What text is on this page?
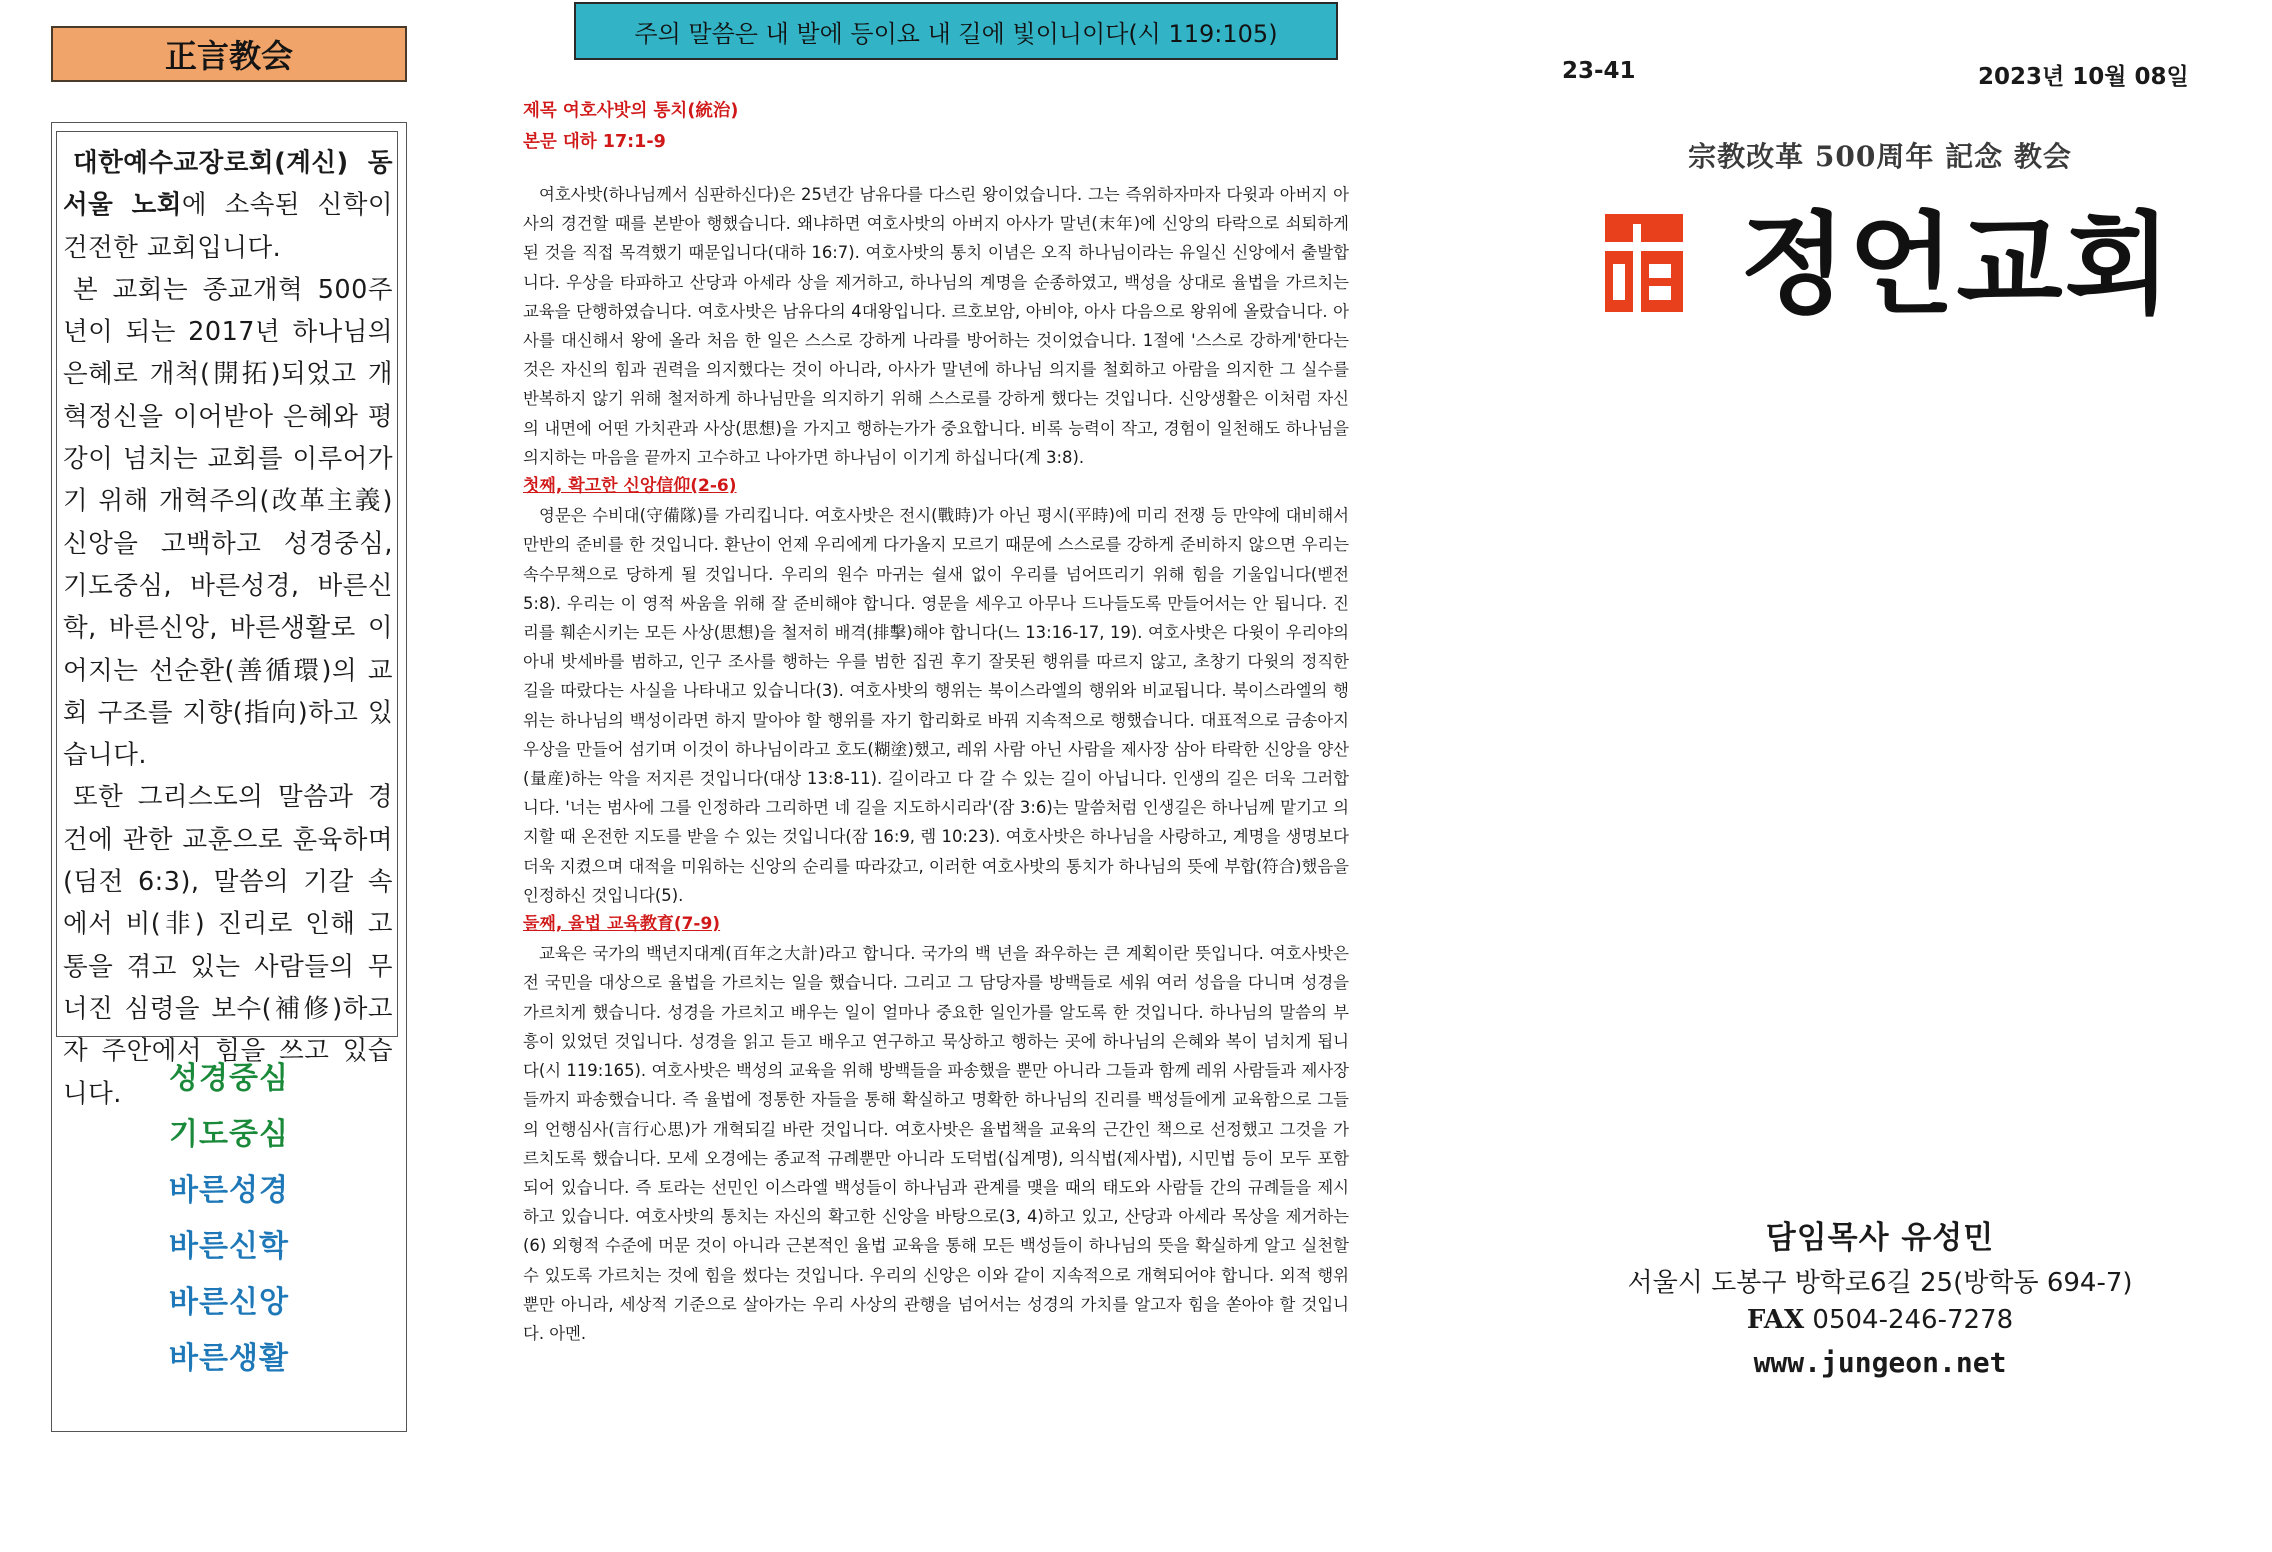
正言教会

대한예수교장로회(계신) 동서울 노회에 소속된 신학이 건전한 교회입니다.

본 교회는 종교개혁 500주년이 되는 2017년 하나님의 은혜로 개척(開拓)되었고 개혁정신을 이어받아 은혜와 평강이 넘치는 교회를 이루어가기 위해 개혁주의(改革主義) 신앙을 고백하고 성경중심, 기도중심, 바른성경, 바른신학, 바른신앙, 바른생활로 이어지는 선순환(善循環)의 교회 구조를 지향(指向)하고 있습니다.

또한 그리스도의 말씀과 경건에 관한 교훈으로 훈육하며(딤전 6:3), 말씀의 기갈 속에서 비(非) 진리로 인해 고통을 겪고 있는 사람들의 무너진 심령을 보수(補修)하고자 주안에서 힘을 쓰고 있습니다.	성경중심
기도중심
바른성경
바른신학
바른신앙
바른생활
주의 말씀은 내 발에 등이요 내 길에 빛이니이다(시 119:105)
제목 여호사밧의 통치(統治)
본문 대하 17:1-9

여호사밧(하나님께서 심판하신다)은 25년간 남유다를 다스린 왕이었습니다. 그는 즉위하자마자 다윗과 아버지 아사의 경건할 때를 본받아 행했습니다. 왜냐하면 여호사밧의 아버지 아사가 말년(末年)에 신앙의 타락으로 쇠퇴하게 된 것을 직접 목격했기 때문입니다(대하 16:7). 여호사밧의 통치 이념은 오직 하나님이라는 유일신 신앙에서 출발합니다. 우상을 타파하고 산당과 아세라 상을 제거하고, 하나님의 계명을 순종하였고, 백성을 상대로 율법을 가르치는 교육을 단행하였습니다. 여호사밧은 남유다의 4대왕입니다. 르호보암, 아비야, 아사 다음으로 왕위에 올랐습니다. 아사를 대신해서 왕에 올라 처음 한 일은 스스로 강하게 나라를 방어하는 것이었습니다. 1절에 '스스로 강하게'한다는 것은 자신의 힘과 권력을 의지했다는 것이 아니라, 아사가 말년에 하나님 의지를 철회하고 아람을 의지한 그 실수를 반복하지 않기 위해 철저하게 하나님만을 의지하기 위해 스스로를 강하게 했다는 것입니다. 신앙생활은 이처럼 자신의 내면에 어떤 가치관과 사상(思想)을 가지고 행하는가가 중요합니다. 비록 능력이 작고, 경험이 일천해도 하나님을 의지하는 마음을 끝까지 고수하고 나아가면 하나님이 이기게 하십니다(계 3:8).

첫째, 확고한 신앙信仰(2-6)

영문은 수비대(守備隊)를 가리킵니다. 여호사밧은 전시(戰時)가 아닌 평시(平時)에 미리 전쟁 등 만약에 대비해서 만반의 준비를 한 것입니다. 환난이 언제 우리에게 다가올지 모르기 때문에 스스로를 강하게 준비하지 않으면 우리는 속수무책으로 당하게 될 것입니다. 우리의 원수 마귀는 쉴새 없이 우리를 넘어뜨리기 위해 힘을 기울입니다(벧전 5:8). 우리는 이 영적 싸움을 위해 잘 준비해야 합니다. 영문을 세우고 아무나 드나들도록 만들어서는 안 됩니다. 진리를 훼손시키는 모든 사상(思想)을 철저히 배격(排擊)해야 합니다(느 13:16-17, 19). 여호사밧은 다윗이 우리야의 아내 밧세바를 범하고, 인구 조사를 행하는 우를 범한 집권 후기 잘못된 행위를 따르지 않고, 초창기 다윗의 정직한 길을 따랐다는 사실을 나타내고 있습니다(3). 여호사밧의 행위는 북이스라엘의 행위와 비교됩니다. 북이스라엘의 행위는 하나님의 백성이라면 하지 말아야 할 행위를 자기 합리화로 바꿔 지속적으로 행했습니다. 대표적으로 금송아지 우상을 만들어 섬기며 이것이 하나님이라고 호도(糊塗)했고, 레위 사람 아닌 사람을 제사장 삼아 타락한 신앙을 양산(量産)하는 악을 저지른 것입니다(대상 13:8-11). 길이라고 다 갈 수 있는 길이 아닙니다. 인생의 길은 더욱 그러합니다. '너는 범사에 그를 인정하라 그리하면 네 길을 지도하시리라'(잠 3:6)는 말씀처럼 인생길은 하나님께 맡기고 의지할 때 온전한 지도를 받을 수 있는 것입니다(잠 16:9, 렘 10:23). 여호사밧은 하나님을 사랑하고, 계명을 생명보다 더욱 지켰으며 대적을 미워하는 신앙의 순리를 따라갔고, 이러한 여호사밧의 통치가 하나님의 뜻에 부합(符合)했음을 인정하신 것입니다(5).

둘째, 율법 교육教育(7-9)

교육은 국가의 백년지대계(百年之大計)라고 합니다. 국가의 백 년을 좌우하는 큰 계획이란 뜻입니다. 여호사밧은 전 국민을 대상으로 율법을 가르치는 일을 했습니다. 그리고 그 담당자를 방백들로 세워 여러 성읍을 다니며 성경을 가르치게 했습니다. 성경을 가르치고 배우는 일이 얼마나 중요한 일인가를 알도록 한 것입니다. 하나님의 말씀의 부흥이 있었던 것입니다. 성경을 읽고 듣고 배우고 연구하고 묵상하고 행하는 곳에 하나님의 은혜와 복이 넘치게 됩니다(시 119:165). 여호사밧은 백성의 교육을 위해 방백들을 파송했을 뿐만 아니라 그들과 함께 레위 사람들과 제사장들까지 파송했습니다. 즉 율법에 정통한 자들을 통해 확실하고 명확한 하나님의 진리를 백성들에게 교육함으로 그들의 언행심사(言行心思)가 개혁되길 바란 것입니다. 여호사밧은 율법책을 교육의 근간인 책으로 선정했고 그것을 가르치도록 했습니다. 모세 오경에는 종교적 규례뿐만 아니라 도덕법(십계명), 의식법(제사법), 시민법 등이 모두 포함되어 있습니다. 즉 토라는 선민인 이스라엘 백성들이 하나님과 관계를 맺을 때의 태도와 사람들 간의 규례들을 제시하고 있습니다. 여호사밧의 통치는 자신의 확고한 신앙을 바탕으로(3, 4)하고 있고, 산당과 아세라 목상을 제거하는(6) 외형적 수준에 머문 것이 아니라 근본적인 율법 교육을 통해 모든 백성들이 하나님의 뜻을 확실하게 알고 실천할 수 있도록 가르치는 것에 힘을 썼다는 것입니다. 우리의 신앙은 이와 같이 지속적으로 개혁되어야 합니다. 외적 행위뿐만 아니라, 세상적 기준으로 살아가는 우리 사상의 관행을 넘어서는 성경의 가치를 알고자 힘을 쏟아야 할 것입니다. 아멘.

23-41	2023년 10월 08일
宗教改革 500周年 記念 教会
정언교회
담임목사 유성민
서울시 도봉구 방학로6길 25(방학동 694-7)
FAX 0504-246-7278
www.jungeon.net
